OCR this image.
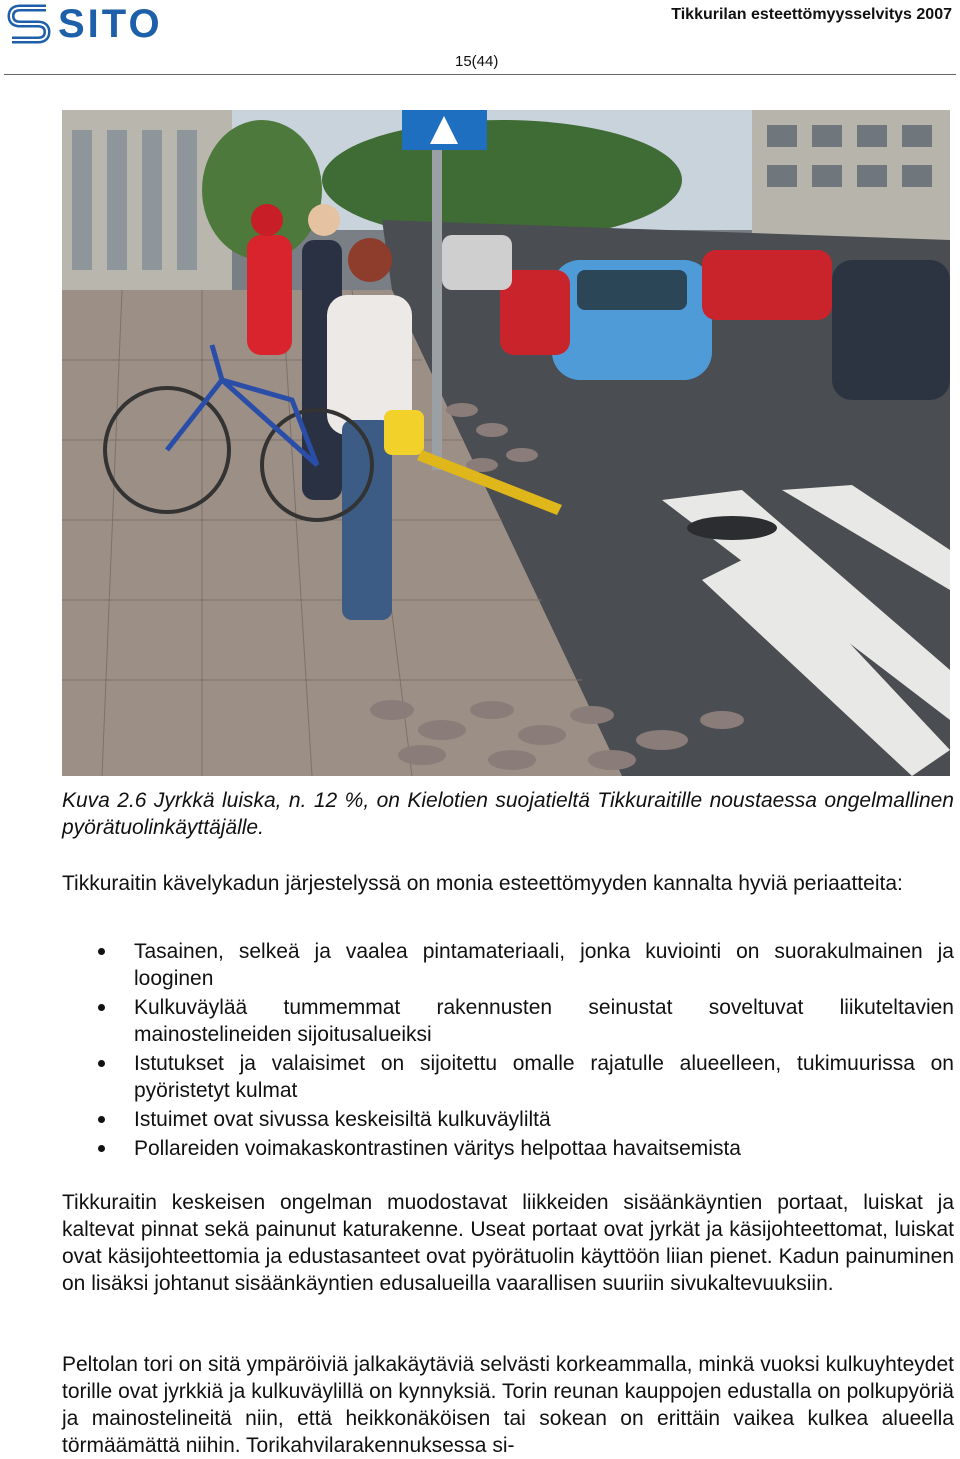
SITO	Tikkurilan esteettömyysselvitys 2007
15(44)
Kuva 2.6 Jyrkkä luiska, n. 12 %, on Kielotien suojatieltä Tikkuraitille noustaessa ongelmallinen pyörätuolinkäyttäjälle.
Tikkuraitin kävelykadun järjestelyssä on monia esteettömyyden kannalta hyviä periaatteita:
Tasainen, selkeä ja vaalea pintamateriaali, jonka kuviointi on suorakulmainen ja looginen
Kulkuväylää tummemmat rakennusten seinustat soveltuvat liikuteltavien mainostelineiden sijoitusalueiksi
Istutukset ja valaisimet on sijoitettu omalle rajatulle alueelleen, tukimuurissa on pyöristetyt kulmat
Istuimet ovat sivussa keskeisiltä kulkuväyliltä
Pollareiden voimakaskontrastinen väritys helpottaa havaitsemista
Tikkuraitin keskeisen ongelman muodostavat liikkeiden sisäänkäyntien portaat, luiskat ja kaltevat pinnat sekä painunut katurakenne. Useat portaat ovat jyrkät ja käsijohteettomat, luiskat ovat käsijohteettomia ja edustasanteet ovat pyörätuolin käyttöön liian pienet. Kadun painuminen on lisäksi johtanut sisäänkäyntien edusalueilla vaarallisen suuriin sivukaltevuuksiin.
Peltolan tori on sitä ympäröiviä jalkakäytäviä selvästi korkeammalla, minkä vuoksi kulkuyhteydet torille ovat jyrkkiä ja kulkuväylillä on kynnyksiä. Torin reunan kauppojen edustalla on polkupyöriä ja mainostelineitä niin, että heikkonäköisen tai sokean on erittäin vaikea kulkea alueella törmäämättä niihin. Torikahvilarakennuksessa si-
